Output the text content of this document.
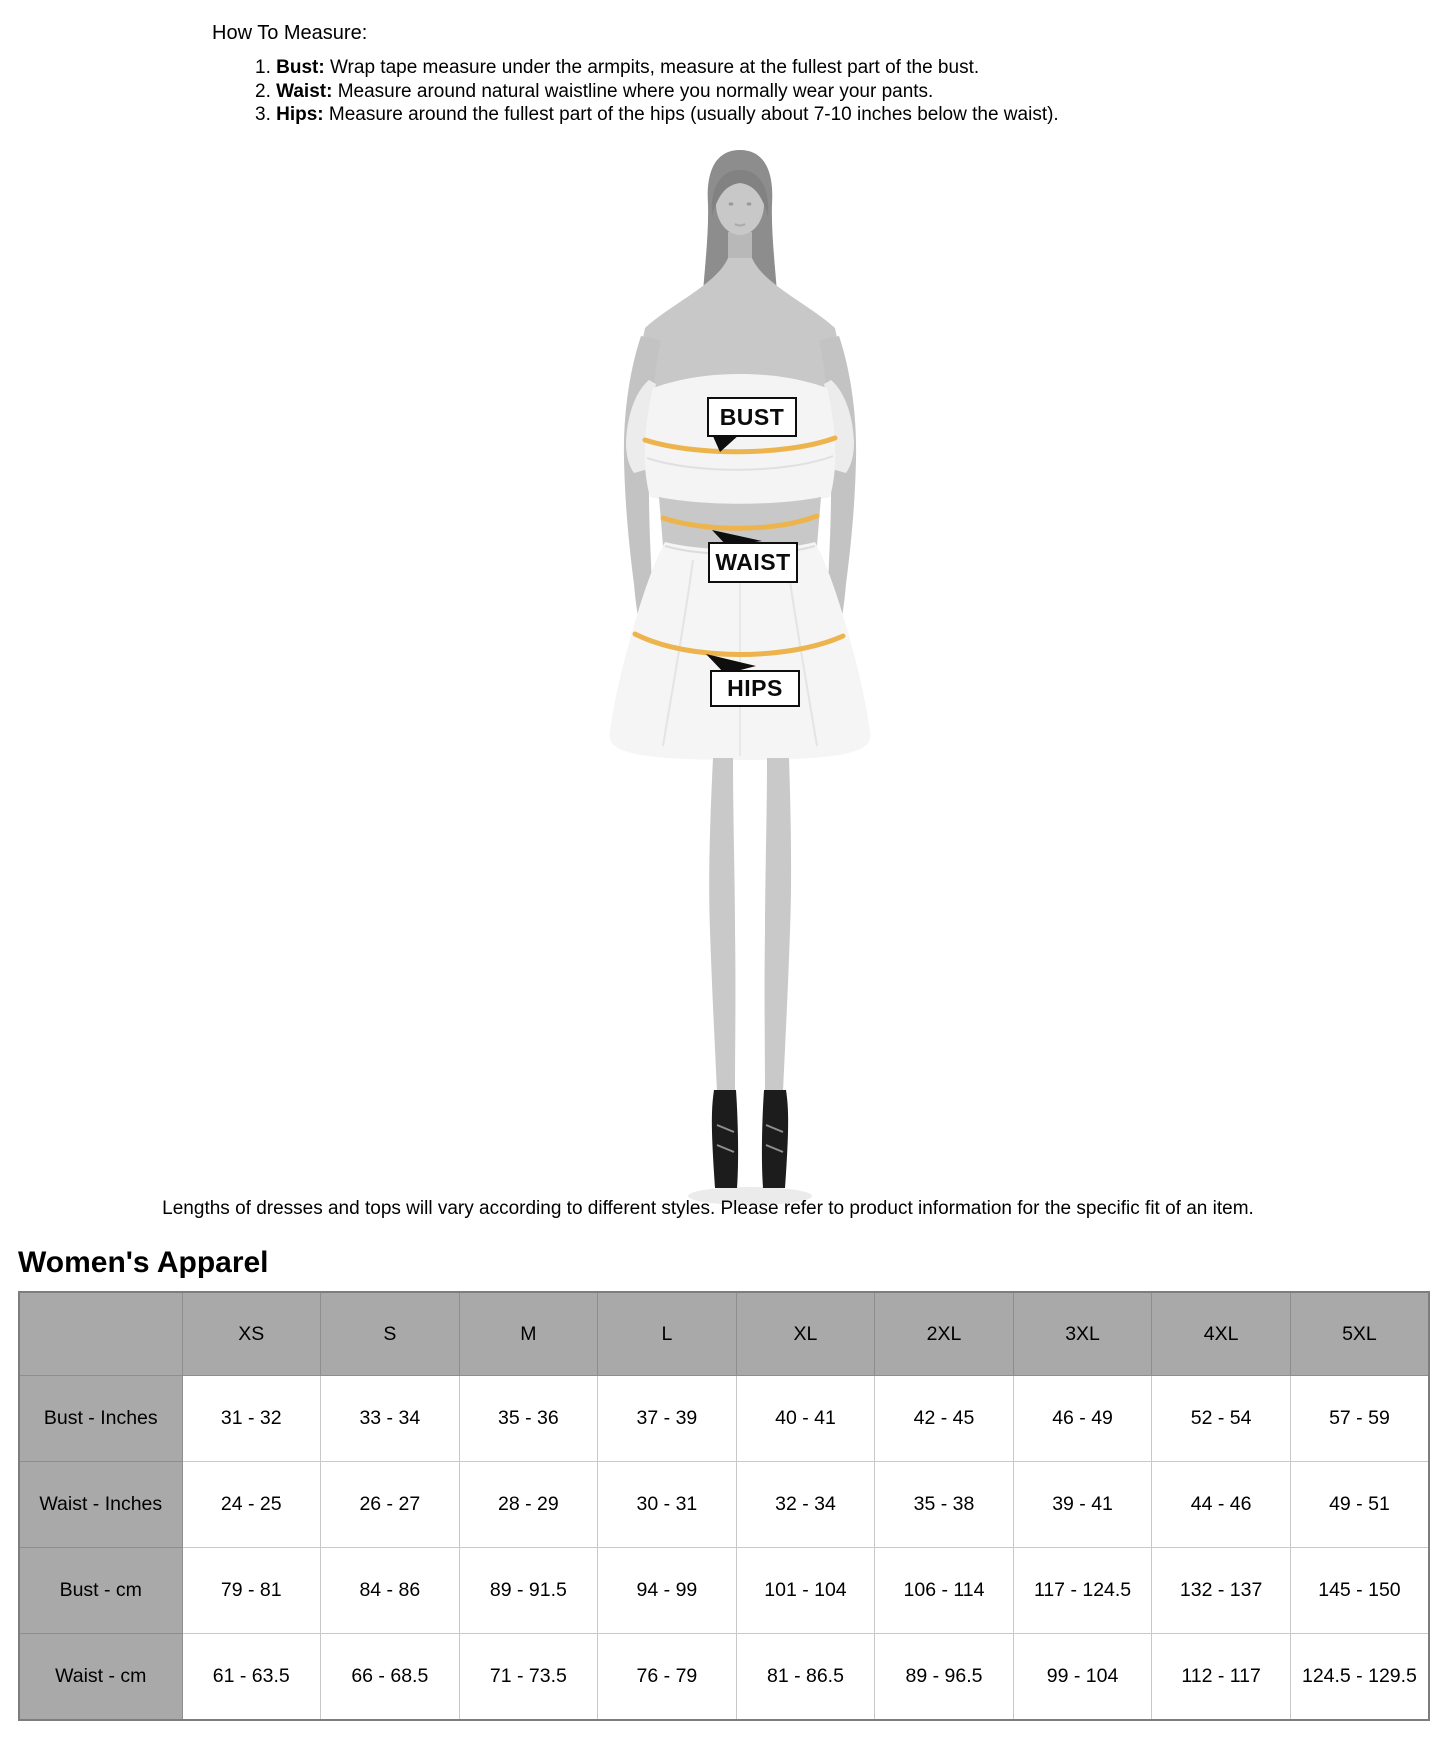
How To Measure:
1. Bust: Wrap tape measure under the armpits, measure at the fullest part of the bust.
2. Waist: Measure around natural waistline where you normally wear your pants.
3. Hips: Measure around the fullest part of the hips (usually about 7-10 inches below the waist).
BUST
WAIST
HIPS
Lengths of dresses and tops will vary according to different styles. Please refer to product information for the specific fit of an item.
Women's Apparel
	XS	S	M	L	XL	2XL	3XL	4XL	5XL
Bust - Inches	31 - 32	33 - 34	35 - 36	37 - 39	40 - 41	42 - 45	46 - 49	52 - 54	57 - 59
Waist - Inches	24 - 25	26 - 27	28 - 29	30 - 31	32 - 34	35 - 38	39 - 41	44 - 46	49 - 51
Bust - cm	79 - 81	84 - 86	89 - 91.5	94 - 99	101 - 104	106 - 114	117 - 124.5	132 - 137	145 - 150
Waist - cm	61 - 63.5	66 - 68.5	71 - 73.5	76 - 79	81 - 86.5	89 - 96.5	99 - 104	112 - 117	124.5 - 129.5
